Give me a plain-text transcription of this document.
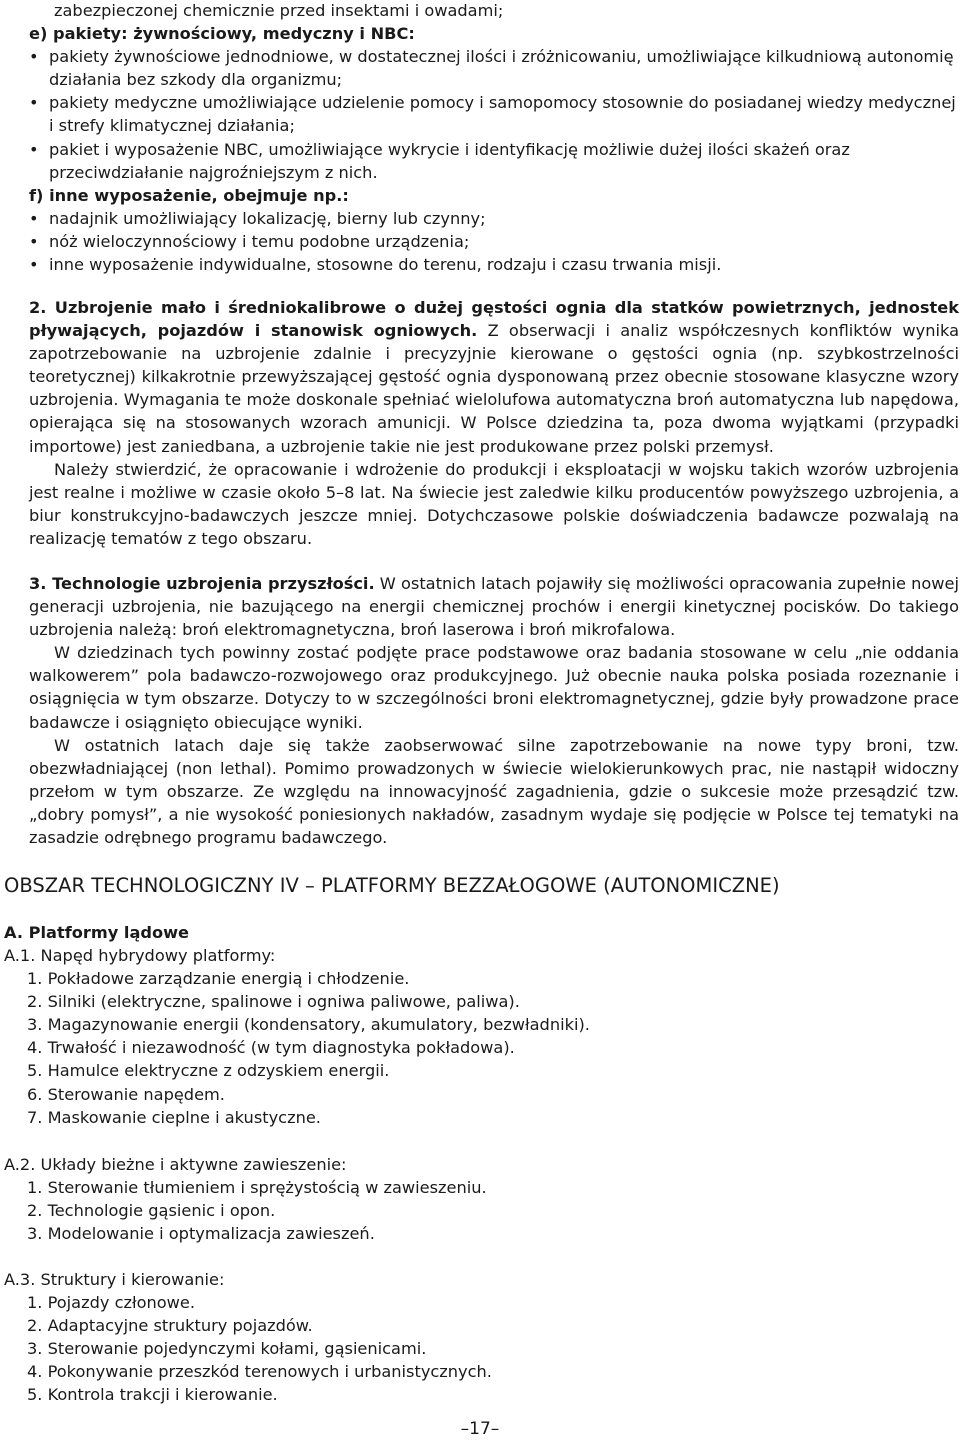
zabezpieczonej chemicznie przed insektami i owadami;

e) pakiety: żywnościowy, medyczny i NBC:

• pakiety żywnościowe jednodniowe, w dostatecznej ilości i zróżnicowaniu, umożliwiające kilkudniową autonomię działania bez szkody dla organizmu;
• pakiety medyczne umożliwiające udzielenie pomocy i samopomocy stosownie do posiadanej wiedzy medycznej i strefy klimatycznej działania;
• pakiet i wyposażenie NBC, umożliwiające wykrycie i identyfikację możliwie dużej ilości skażeń oraz przeciwdziałanie najgroźniejszym z nich.

f) inne wyposażenie, obejmuje np.:

• nadajnik umożliwiający lokalizację, bierny lub czynny;
• nóż wieloczynnościowy i temu podobne urządzenia;
• inne wyposażenie indywidualne, stosowne do terenu, rodzaju i czasu trwania misji.

2. Uzbrojenie mało i średniokalibrowe o dużej gęstości ognia dla statków powietrznych, jednostek pływających, pojazdów i stanowisk ogniowych. Z obserwacji i analiz współczesnych konfliktów wynika zapotrzebowanie na uzbrojenie zdalnie i precyzyjnie kierowane o gęstości ognia (np. szybkostrzelności teoretycznej) kilkakrotnie przewyższającej gęstość ognia dysponowaną przez obecnie stosowane klasyczne wzory uzbrojenia. Wymagania te może doskonale spełniać wielolufowa automatyczna broń automatyczna lub napędowa, opierająca się na stosowanych wzorach amunicji. W Polsce dziedzina ta, poza dwoma wyjątkami (przypadki importowe) jest zaniedbana, a uzbrojenie takie nie jest produkowane przez polski przemysł.

Należy stwierdzić, że opracowanie i wdrożenie do produkcji i eksploatacji w wojsku takich wzorów uzbrojenia jest realne i możliwe w czasie około 5–8 lat. Na świecie jest zaledwie kilku producentów powyższego uzbrojenia, a biur konstrukcyjno-badawczych jeszcze mniej. Dotychczasowe polskie doświadczenia badawcze pozwalają na realizację tematów z tego obszaru.

3. Technologie uzbrojenia przyszłości. W ostatnich latach pojawiły się możliwości opracowania zupełnie nowej generacji uzbrojenia, nie bazującego na energii chemicznej prochów i energii kinetycznej pocisków. Do takiego uzbrojenia należą: broń elektromagnetyczna, broń laserowa i broń mikrofalowa.

W dziedzinach tych powinny zostać podjęte prace podstawowe oraz badania stosowane w celu „nie oddania walkowerem” pola badawczo-rozwojowego oraz produkcyjnego. Już obecnie nauka polska posiada rozeznanie i osiągnięcia w tym obszarze. Dotyczy to w szczególności broni elektromagnetycznej, gdzie były prowadzone prace badawcze i osiągnięto obiecujące wyniki.

W ostatnich latach daje się także zaobserwować silne zapotrzebowanie na nowe typy broni, tzw. obezwładniającej (non lethal). Pomimo prowadzonych w świecie wielokierunkowych prac, nie nastąpił widoczny przełom w tym obszarze. Ze względu na innowacyjność zagadnienia, gdzie o sukcesie może przesądzić tzw. „dobry pomysł”, a nie wysokość poniesionych nakładów, zasadnym wydaje się podjęcie w Polsce tej tematyki na zasadzie odrębnego programu badawczego.

OBSZAR TECHNOLOGICZNY IV – PLATFORMY BEZZAŁOGOWE (AUTONOMICZNE)
A. Platformy lądowe

A.1. Napęd hybrydowy platformy:

1. Pokładowe zarządzanie energią i chłodzenie.
2. Silniki (elektryczne, spalinowe i ogniwa paliwowe, paliwa).
3. Magazynowanie energii (kondensatory, akumulatory, bezwładniki).
4. Trwałość i niezawodność (w tym diagnostyka pokładowa).
5. Hamulce elektryczne z odzyskiem energii.
6. Sterowanie napędem.
7. Maskowanie cieplne i akustyczne.

A.2. Układy bieżne i aktywne zawieszenie:

1. Sterowanie tłumieniem i sprężystością w zawieszeniu.
2. Technologie gąsienic i opon.
3. Modelowanie i optymalizacja zawieszeń.

A.3. Struktury i kierowanie:

1. Pojazdy członowe.
2. Adaptacyjne struktury pojazdów.
3. Sterowanie pojedynczymi kołami, gąsienicami.
4. Pokonywanie przeszkód terenowych i urbanistycznych.
5. Kontrola trakcji i kierowanie.
–17–
